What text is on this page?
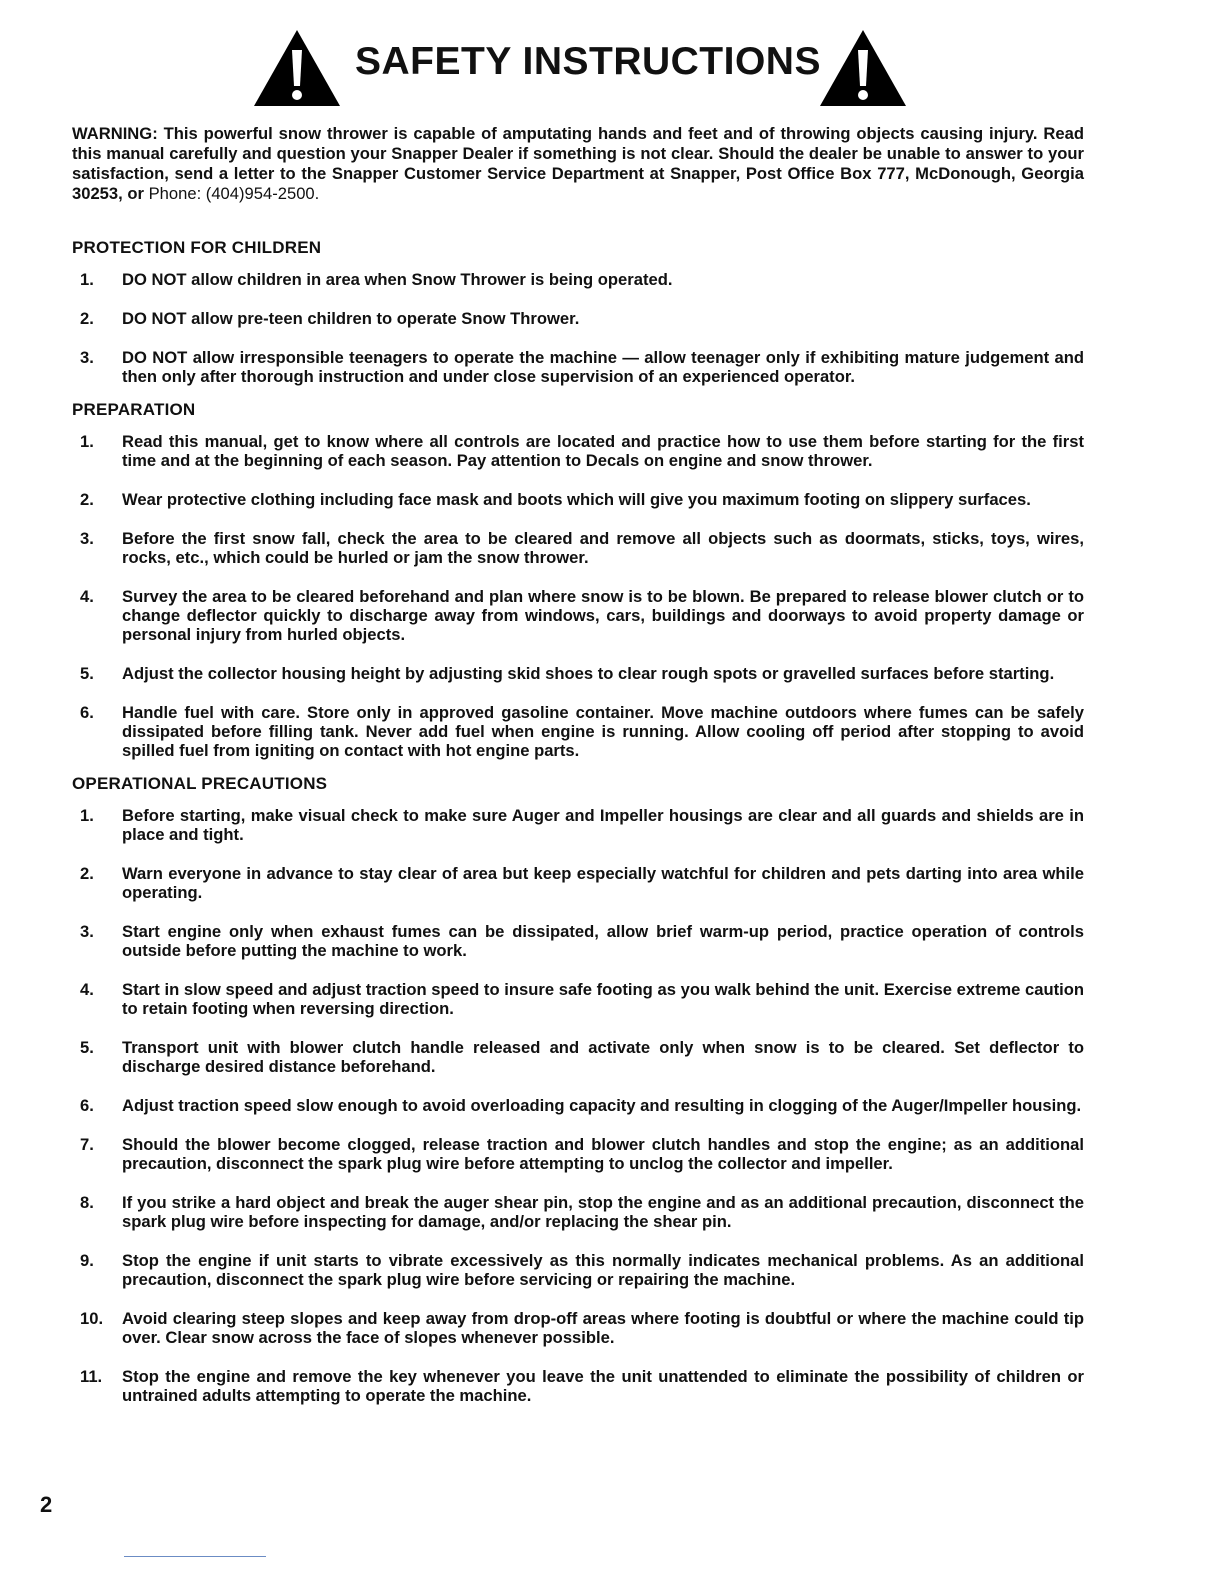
SAFETY INSTRUCTIONS
WARNING: This powerful snow thrower is capable of amputating hands and feet and of throwing objects causing injury. Read this manual carefully and question your Snapper Dealer if something is not clear. Should the dealer be unable to answer to your satisfaction, send a letter to the Snapper Customer Service Department at Snapper, Post Office Box 777, McDonough, Georgia 30253, or Phone: (404)954-2500.
PROTECTION FOR CHILDREN
1.	DO NOT allow children in area when Snow Thrower is being operated.
2.	DO NOT allow pre-teen children to operate Snow Thrower.
3.	DO NOT allow irresponsible teenagers to operate the machine — allow teenager only if exhibiting mature judgement and then only after thorough instruction and under close supervision of an experienced operator.
PREPARATION
1.	Read this manual, get to know where all controls are located and practice how to use them before starting for the first time and at the beginning of each season. Pay attention to Decals on engine and snow thrower.
2.	Wear protective clothing including face mask and boots which will give you maximum footing on slippery surfaces.
3.	Before the first snow fall, check the area to be cleared and remove all objects such as doormats, sticks, toys, wires, rocks, etc., which could be hurled or jam the snow thrower.
4.	Survey the area to be cleared beforehand and plan where snow is to be blown. Be prepared to release blower clutch or to change deflector quickly to discharge away from windows, cars, buildings and doorways to avoid property damage or personal injury from hurled objects.
5.	Adjust the collector housing height by adjusting skid shoes to clear rough spots or gravelled surfaces before starting.
6.	Handle fuel with care. Store only in approved gasoline container. Move machine outdoors where fumes can be safely dissipated before filling tank. Never add fuel when engine is running. Allow cooling off period after stopping to avoid spilled fuel from igniting on contact with hot engine parts.
OPERATIONAL PRECAUTIONS
1.	Before starting, make visual check to make sure Auger and Impeller housings are clear and all guards and shields are in place and tight.
2.	Warn everyone in advance to stay clear of area but keep especially watchful for children and pets darting into area while operating.
3.	Start engine only when exhaust fumes can be dissipated, allow brief warm-up period, practice operation of controls outside before putting the machine to work.
4.	Start in slow speed and adjust traction speed to insure safe footing as you walk behind the unit. Exercise extreme caution to retain footing when reversing direction.
5.	Transport unit with blower clutch handle released and activate only when snow is to be cleared. Set deflector to discharge desired distance beforehand.
6.	Adjust traction speed slow enough to avoid overloading capacity and resulting in clogging of the Auger/Impeller housing.
7.	Should the blower become clogged, release traction and blower clutch handles and stop the engine; as an additional precaution, disconnect the spark plug wire before attempting to unclog the collector and impeller.
8.	If you strike a hard object and break the auger shear pin, stop the engine and as an additional precaution, disconnect the spark plug wire before inspecting for damage, and/or replacing the shear pin.
9.	Stop the engine if unit starts to vibrate excessively as this normally indicates mechanical problems. As an additional precaution, disconnect the spark plug wire before servicing or repairing the machine.
10. Avoid clearing steep slopes and keep away from drop-off areas where footing is doubtful or where the machine could tip over. Clear snow across the face of slopes whenever possible.
11. Stop the engine and remove the key whenever you leave the unit unattended to eliminate the possibility of children or untrained adults attempting to operate the machine.
2
